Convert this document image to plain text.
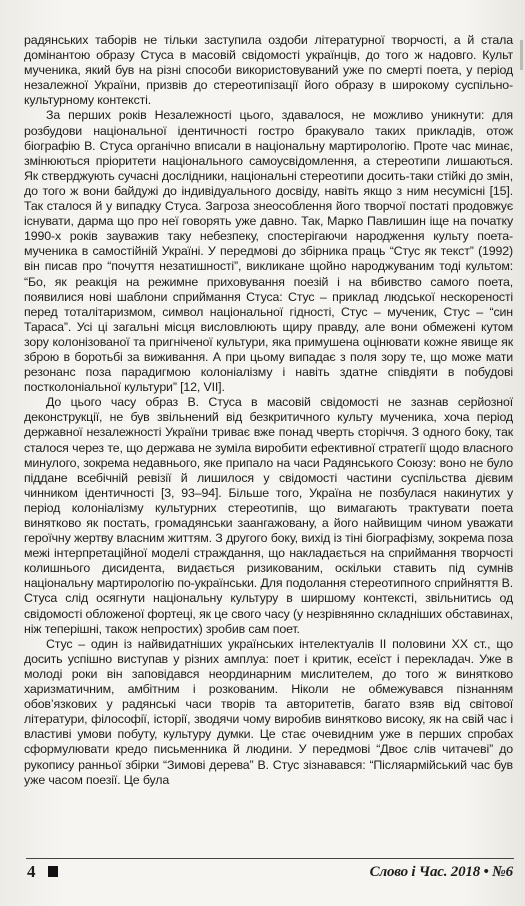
радянських таборів не тільки заступила оздоби літературної творчості, а й стала домінантою образу Стуса в масовій свідомості українців, до того ж надовго. Культ мученика, який був на різні способи використовуваний уже по смерті поета, у період незалежної України, призвів до стереотипізації його образу в широкому суспільно-культурному контексті.

За перших років Незалежності цього, здавалося, не можливо уникнути: для розбудови національної ідентичності гостро бракувало таких прикладів, отож біографію В. Стуса органічно вписали в національну мартирологію. Проте час минає, змінюються пріоритети національного самоусвідомлення, а стереотипи лишаються. Як стверджують сучасні дослідники, національні стереотипи досить-таки стійкі до змін, до того ж вони байдужі до індивідуального досвіду, навіть якщо з ним несумісні [15]. Так сталося й у випадку Стуса. Загроза знеособлення його творчої постаті продовжує існувати, дарма що про неї говорять уже давно. Так, Марко Павлишин іще на початку 1990-х років зауважив таку небезпеку, спостерігаючи народження культу поета-мученика в самостійній Україні. У передмові до збірника праць “Стус як текст” (1992) він писав про “почуття незатишності”, викликане щойно народжуваним тоді культом: “Бо, як реакція на режимне приховування поезій і на вбивство самого поета, появилися нові шаблони сприймання Стуса: Стус – приклад людської нескореності перед тоталітаризмом, символ національної гідності, Стус – мученик, Стус – “син Тараса”. Усі ці загальні місця висловлюють щиру правду, але вони обмежені кутом зору колонізованої та пригніченої культури, яка примушена оцінювати кожне явище як зброю в боротьбі за виживання. А при цьому випадає з поля зору те, що може мати резонанс поза парадигмою колоніалізму і навіть здатне співдіяти в побудові постколоніальної культури” [12, VII].

До цього часу образ В. Стуса в масовій свідомості не зазнав серйозної деконструкції, не був звільнений від безкритичного культу мученика, хоча період державної незалежності України триває вже понад чверть сторіччя. З одного боку, так сталося через те, що держава не зуміла виробити ефективної стратегії щодо власного минулого, зокрема недавнього, яке припало на часи Радянського Союзу: воно не було піддане всебічній ревізії й лишилося у свідомості частини суспільства дієвим чинником ідентичності [3, 93–94]. Більше того, Україна не позбулася накинутих у період колоніалізму культурних стереотипів, що вимагають трактувати поета винятково як постать, громадянськи заангажовану, а його найвищим чином уважати героїчну жертву власним життям. З другого боку, вихід із тіні біографізму, зокрема поза межі інтерпретаційної моделі страждання, що накладається на сприймання творчості колишнього дисидента, видається ризикованим, оскільки ставить під сумнів національну мартирологію по-українськи. Для подолання стереотипного сприйняття В. Стуса слід осягнути національну культуру в ширшому контексті, звільнитись од свідомості обложеної фортеці, як це свого часу (у незрівнянно складніших обставинах, ніж теперішні, також непростих) зробив сам поет.

Стус – один із найвидатніших українських інтелектуалів ІІ половини ХХ ст., що досить успішно виступав у різних амплуа: поет і критик, есеїст і перекладач. Уже в молоді роки він заповідався неординарним мислителем, до того ж винятково харизматичним, амбітним і розкованим. Ніколи не обмежувався пізнанням обов’язкових у радянські часи творів та авторитетів, багато взяв від світової літератури, філософії, історії, зводячи чому виробив винятково високу, як на свій час і властиві умови побуту, культуру думки. Це стає очевидним уже в перших спробах сформулювати кредо письменника й людини. У передмові “Двоє слів читачеві” до рукопису ранньої збірки “Зимові дерева” В. Стус зізнавався: “Післяармійський час був уже часом поезії. Це була

4	Слово і Час. 2018 • №6
